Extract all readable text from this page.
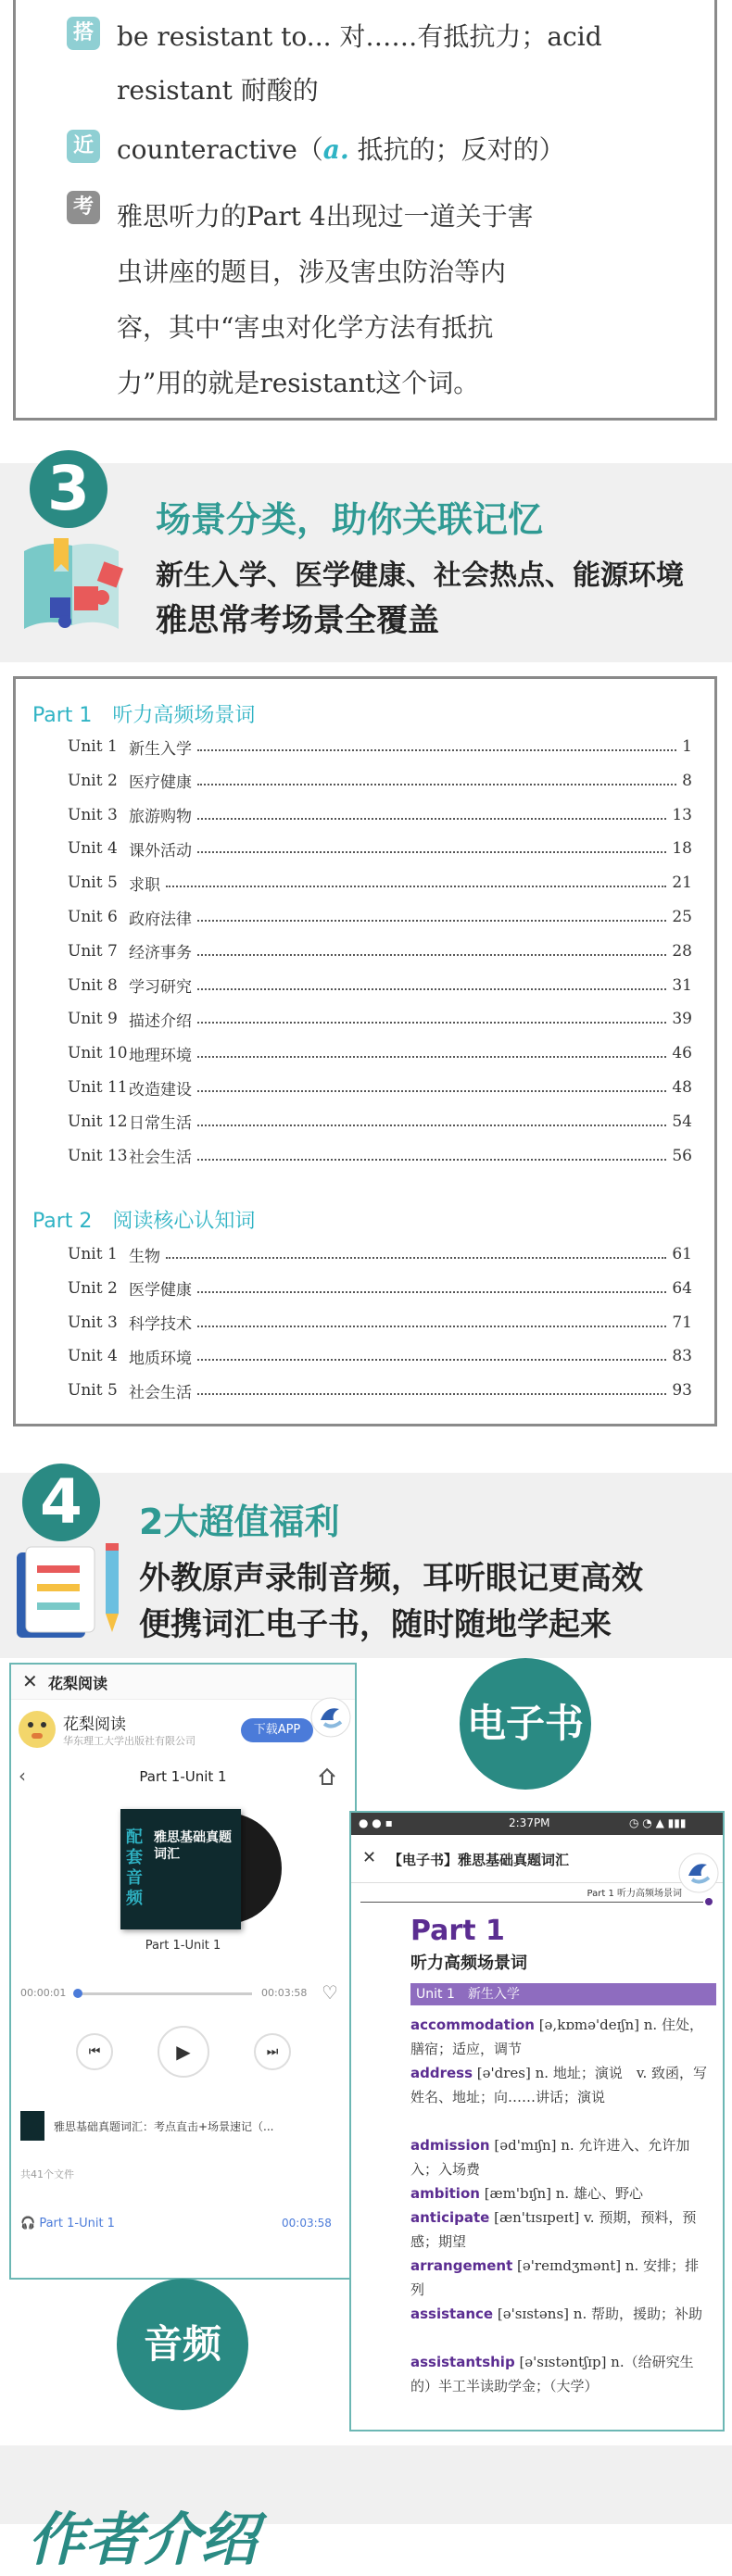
搭 be resistant to... 对……有抵抗力；acid
resistant 耐酸的
近 counteractive（a. 抵抗的；反对的）
考 雅思听力的Part 4出现过一道关于害
虫讲座的题目，涉及害虫防治等内
容，其中“害虫对化学方法有抵抗
力”用的就是resistant这个词。
3	场景分类，助你关联记忆
新生入学、医学健康、社会热点、能源环境
雅思常考场景全覆盖
Part 1　听力高频场景词
Unit 1 新生入学	1
Unit 2 医疗健康	8
Unit 3 旅游购物	13
Unit 4 课外活动	18
Unit 5 求职	21
Unit 6 政府法律	25
Unit 7 经济事务	28
Unit 8 学习研究	31
Unit 9 描述介绍	39
Unit 10 地理环境	46
Unit 11 改造建设	48
Unit 12 日常生活	54
Unit 13 社会生活	56
Part 2　阅读核心认知词
Unit 1 生物	61
Unit 2 医学健康	64
Unit 3 科学技术	71
Unit 4 地质环境	83
Unit 5 社会生活	93
4	2大超值福利
外教原声录制音频，耳听眼记更高效
便携词汇电子书，随时随地学起来
✕ 花梨阅读
花梨阅读
华东理工大学出版社有限公司
下载APP
‹	Part 1-Unit 1
配套音频
雅思基础真题词汇
Part 1-Unit 1
00:00:01	00:03:58 ♡
⏮	▶	⏭
雅思基础真题词汇：考点直击+场景速记（...
共41个文件
🎧 Part 1-Unit 1	00:03:58
电子书
音频
● ● ▪	2:37PM	◷ ◔ ▲ ▮▮▮
✕ 【电子书】雅思基础真题词汇
Part 1 听力高频场景词
Part 1
听力高频场景词
Unit 1　新生入学
accommodation [ə,kɒmə'deɪʃn] n. 住处，膳宿；适应，调节
address [ə'dres] n. 地址；演说　v. 致函，写姓名、地址；向……讲话；演说
admission [əd'mɪʃn] n. 允许进入、允许加入；入场费
ambition [æm'bɪʃn] n. 雄心、野心
anticipate [æn'tɪsɪpeɪt] v. 预期，预料，预感；期望
arrangement [ə'reɪndʒmənt] n. 安排；排列
assistance [ə'sɪstəns] n. 帮助，援助；补助
assistantship [ə'sɪstəntʃɪp] n.（给研究生的）半工半读助学金；（大学）
作者介绍
